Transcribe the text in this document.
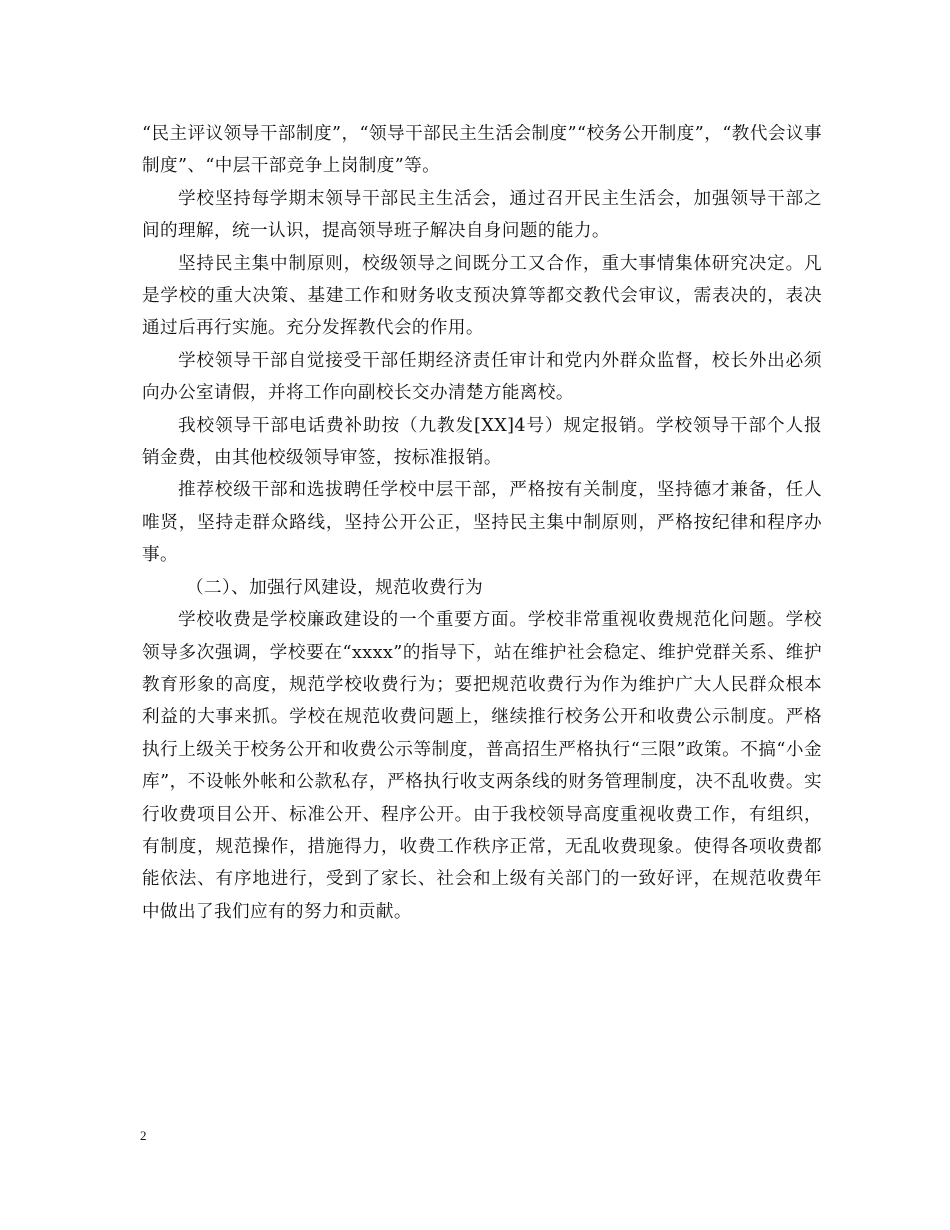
“民主评议领导干部制度”，“领导干部民主生活会制度”“校务公开制度”，“教代会议事制度”、“中层干部竞争上岗制度”等。

学校坚持每学期末领导干部民主生活会，通过召开民主生活会，加强领导干部之间的理解，统一认识，提高领导班子解决自身问题的能力。

坚持民主集中制原则，校级领导之间既分工又合作，重大事情集体研究决定。凡是学校的重大决策、基建工作和财务收支预决算等都交教代会审议，需表决的，表决通过后再行实施。充分发挥教代会的作用。

学校领导干部自觉接受干部任期经济责任审计和党内外群众监督，校长外出必须向办公室请假，并将工作向副校长交办清楚方能离校。

我校领导干部电话费补助按（九教发[XX]4号）规定报销。学校领导干部个人报销金费，由其他校级领导审签，按标准报销。

推荐校级干部和选拔聘任学校中层干部，严格按有关制度，坚持德才兼备，任人唯贤，坚持走群众路线，坚持公开公正，坚持民主集中制原则，严格按纪律和程序办事。

（二）、加强行风建设，规范收费行为

学校收费是学校廉政建设的一个重要方面。学校非常重视收费规范化问题。学校领导多次强调，学校要在“xxxx”的指导下，站在维护社会稳定、维护党群关系、维护教育形象的高度，规范学校收费行为；要把规范收费行为作为维护广大人民群众根本利益的大事来抓。学校在规范收费问题上，继续推行校务公开和收费公示制度。严格执行上级关于校务公开和收费公示等制度，普高招生严格执行“三限”政策。不搞“小金库”，不设帐外帐和公款私存，严格执行收支两条线的财务管理制度，决不乱收费。实行收费项目公开、标准公开、程序公开。由于我校领导高度重视收费工作，有组织，有制度，规范操作，措施得力，收费工作秩序正常，无乱收费现象。使得各项收费都能依法、有序地进行，受到了家长、社会和上级有关部门的一致好评，在规范收费年中做出了我们应有的努力和贡献。

2
